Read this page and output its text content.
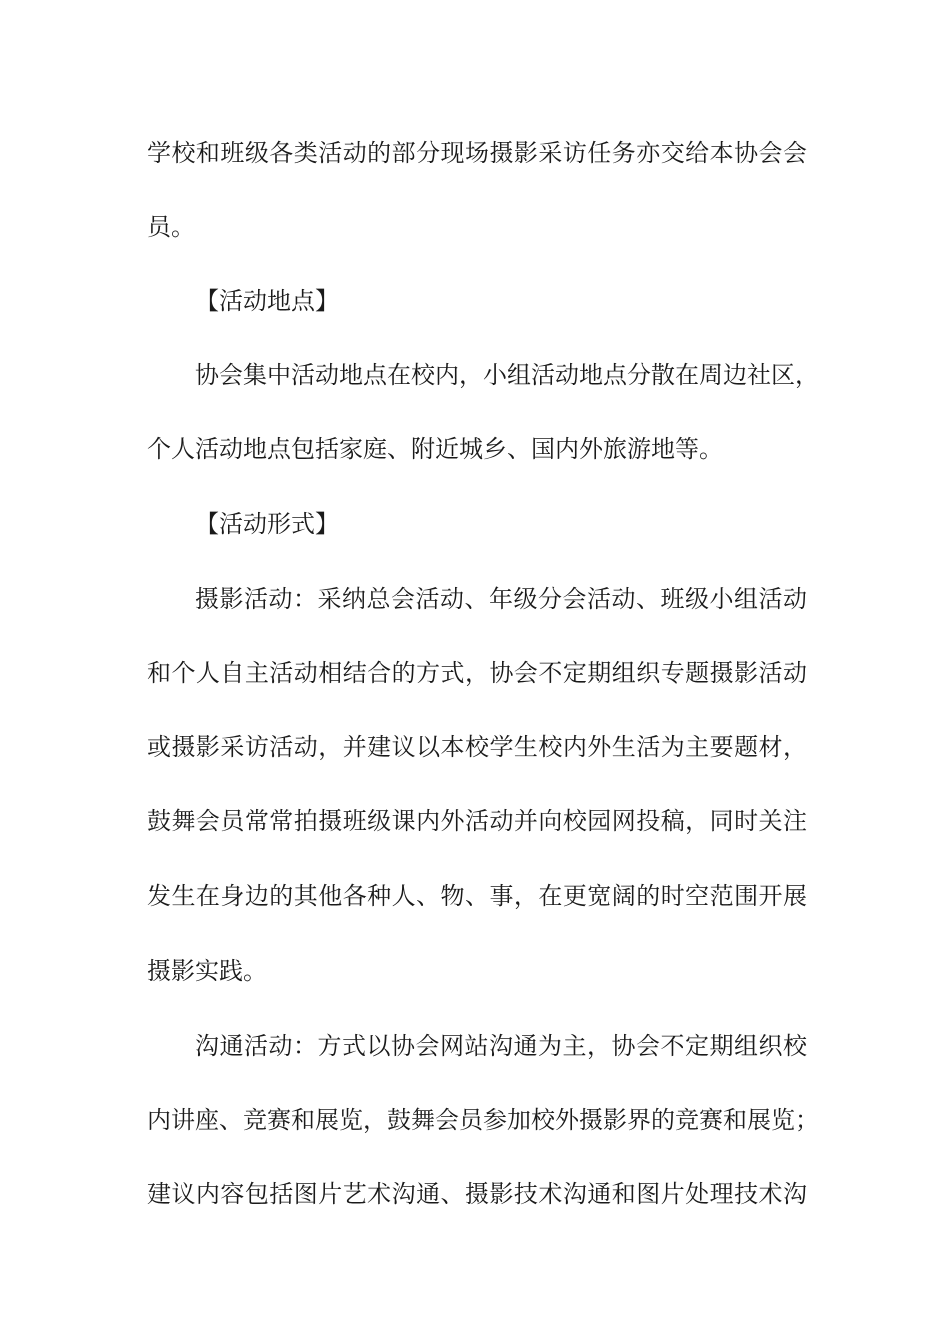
学校和班级各类活动的部分现场摄影采访任务亦交给本协会会
员。
【活动地点】
协会集中活动地点在校内，小组活动地点分散在周边社区，
个人活动地点包括家庭、附近城乡、国内外旅游地等。
【活动形式】
摄影活动：采纳总会活动、年级分会活动、班级小组活动
和个人自主活动相结合的方式，协会不定期组织专题摄影活动
或摄影采访活动，并建议以本校学生校内外生活为主要题材，
鼓舞会员常常拍摄班级课内外活动并向校园网投稿，同时关注
发生在身边的其他各种人、物、事，在更宽阔的时空范围开展
摄影实践。
沟通活动：方式以协会网站沟通为主，协会不定期组织校
内讲座、竞赛和展览，鼓舞会员参加校外摄影界的竞赛和展览；
建议内容包括图片艺术沟通、摄影技术沟通和图片处理技术沟
